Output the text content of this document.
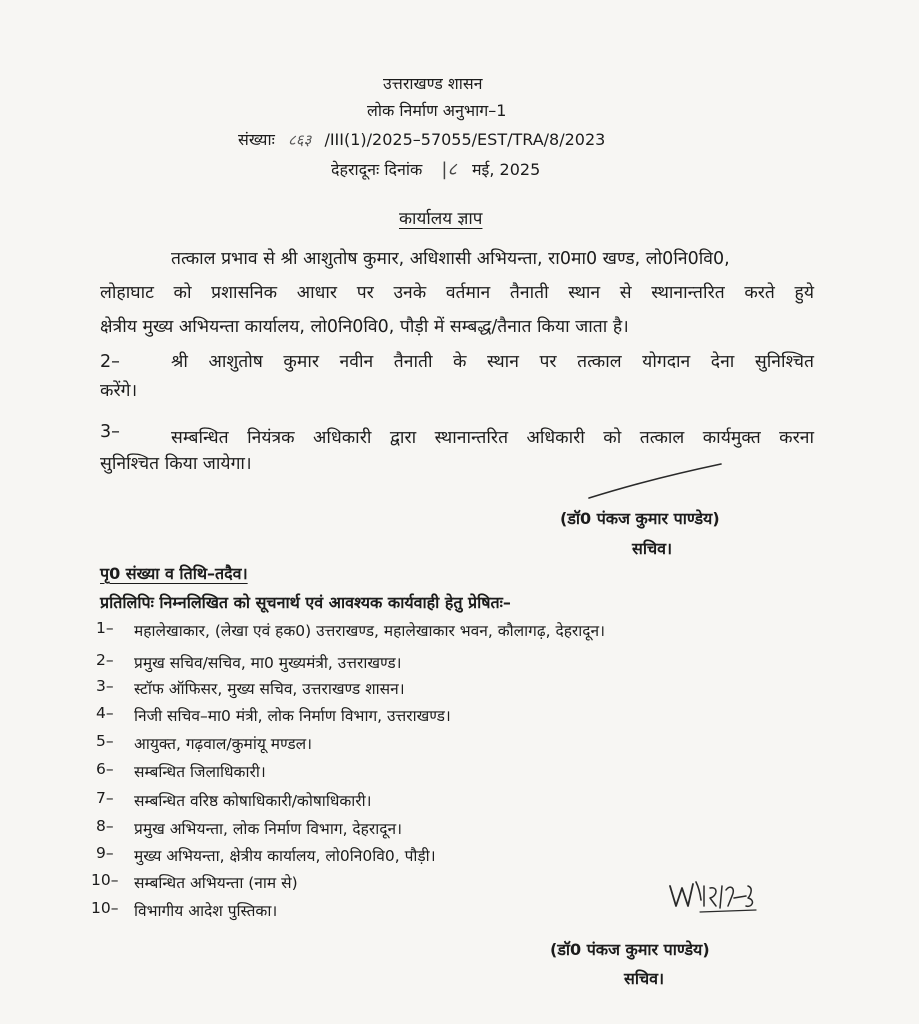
उत्तराखण्ड शासन
लोक निर्माण अनुभाग–1
संख्याः ८६३ /III(1)/2025–57055/EST/TRA/8/2023
देहरादूनः दिनांक |८ मई, 2025
कार्यालय ज्ञाप
तत्काल प्रभाव से श्री आशुतोष कुमार, अधिशासी अभियन्ता, रा0मा0 खण्ड, लो0नि0वि0,
लोहाघाट को प्रशासनिक आधार पर उनके वर्तमान तैनाती स्थान से स्थानान्तरित करते हुये
क्षेत्रीय मुख्य अभियन्ता कार्यालय, लो0नि0वि0, पौड़ी में सम्बद्ध/तैनात किया जाता है।
2–	श्री आशुतोष कुमार नवीन तैनाती के स्थान पर तत्काल योगदान देना सुनिश्चित
करेंगे।
3–	सम्बन्धित नियंत्रक अधिकारी द्वारा स्थानान्तरित अधिकारी को तत्काल कार्यमुक्त करना
सुनिश्चित किया जायेगा।
(डॉ0 पंकज कुमार पाण्डेय)
सचिव।
पृ0 संख्या व तिथि–तदैव।
प्रतिलिपिः निम्नलिखित को सूचनार्थ एवं आवश्यक कार्यवाही हेतु प्रेषितः–
1– महालेखाकार, (लेखा एवं हक0) उत्तराखण्ड, महालेखाकार भवन, कौलागढ़, देहरादून।
2– प्रमुख सचिव/सचिव, मा0 मुख्यमंत्री, उत्तराखण्ड।
3– स्टॉफ ऑफिसर, मुख्य सचिव, उत्तराखण्ड शासन।
4– निजी सचिव–मा0 मंत्री, लोक निर्माण विभाग, उत्तराखण्ड।
5– आयुक्त, गढ़वाल/कुमांयू मण्डल।
6– सम्बन्धित जिलाधिकारी।
7– सम्बन्धित वरिष्ठ कोषाधिकारी/कोषाधिकारी।
8– प्रमुख अभियन्ता, लोक निर्माण विभाग, देहरादून।
9– मुख्य अभियन्ता, क्षेत्रीय कार्यालय, लो0नि0वि0, पौड़ी।
10– सम्बन्धित अभियन्ता (नाम से)
10– विभागीय आदेश पुस्तिका।
(डॉ0 पंकज कुमार पाण्डेय)
सचिव।
